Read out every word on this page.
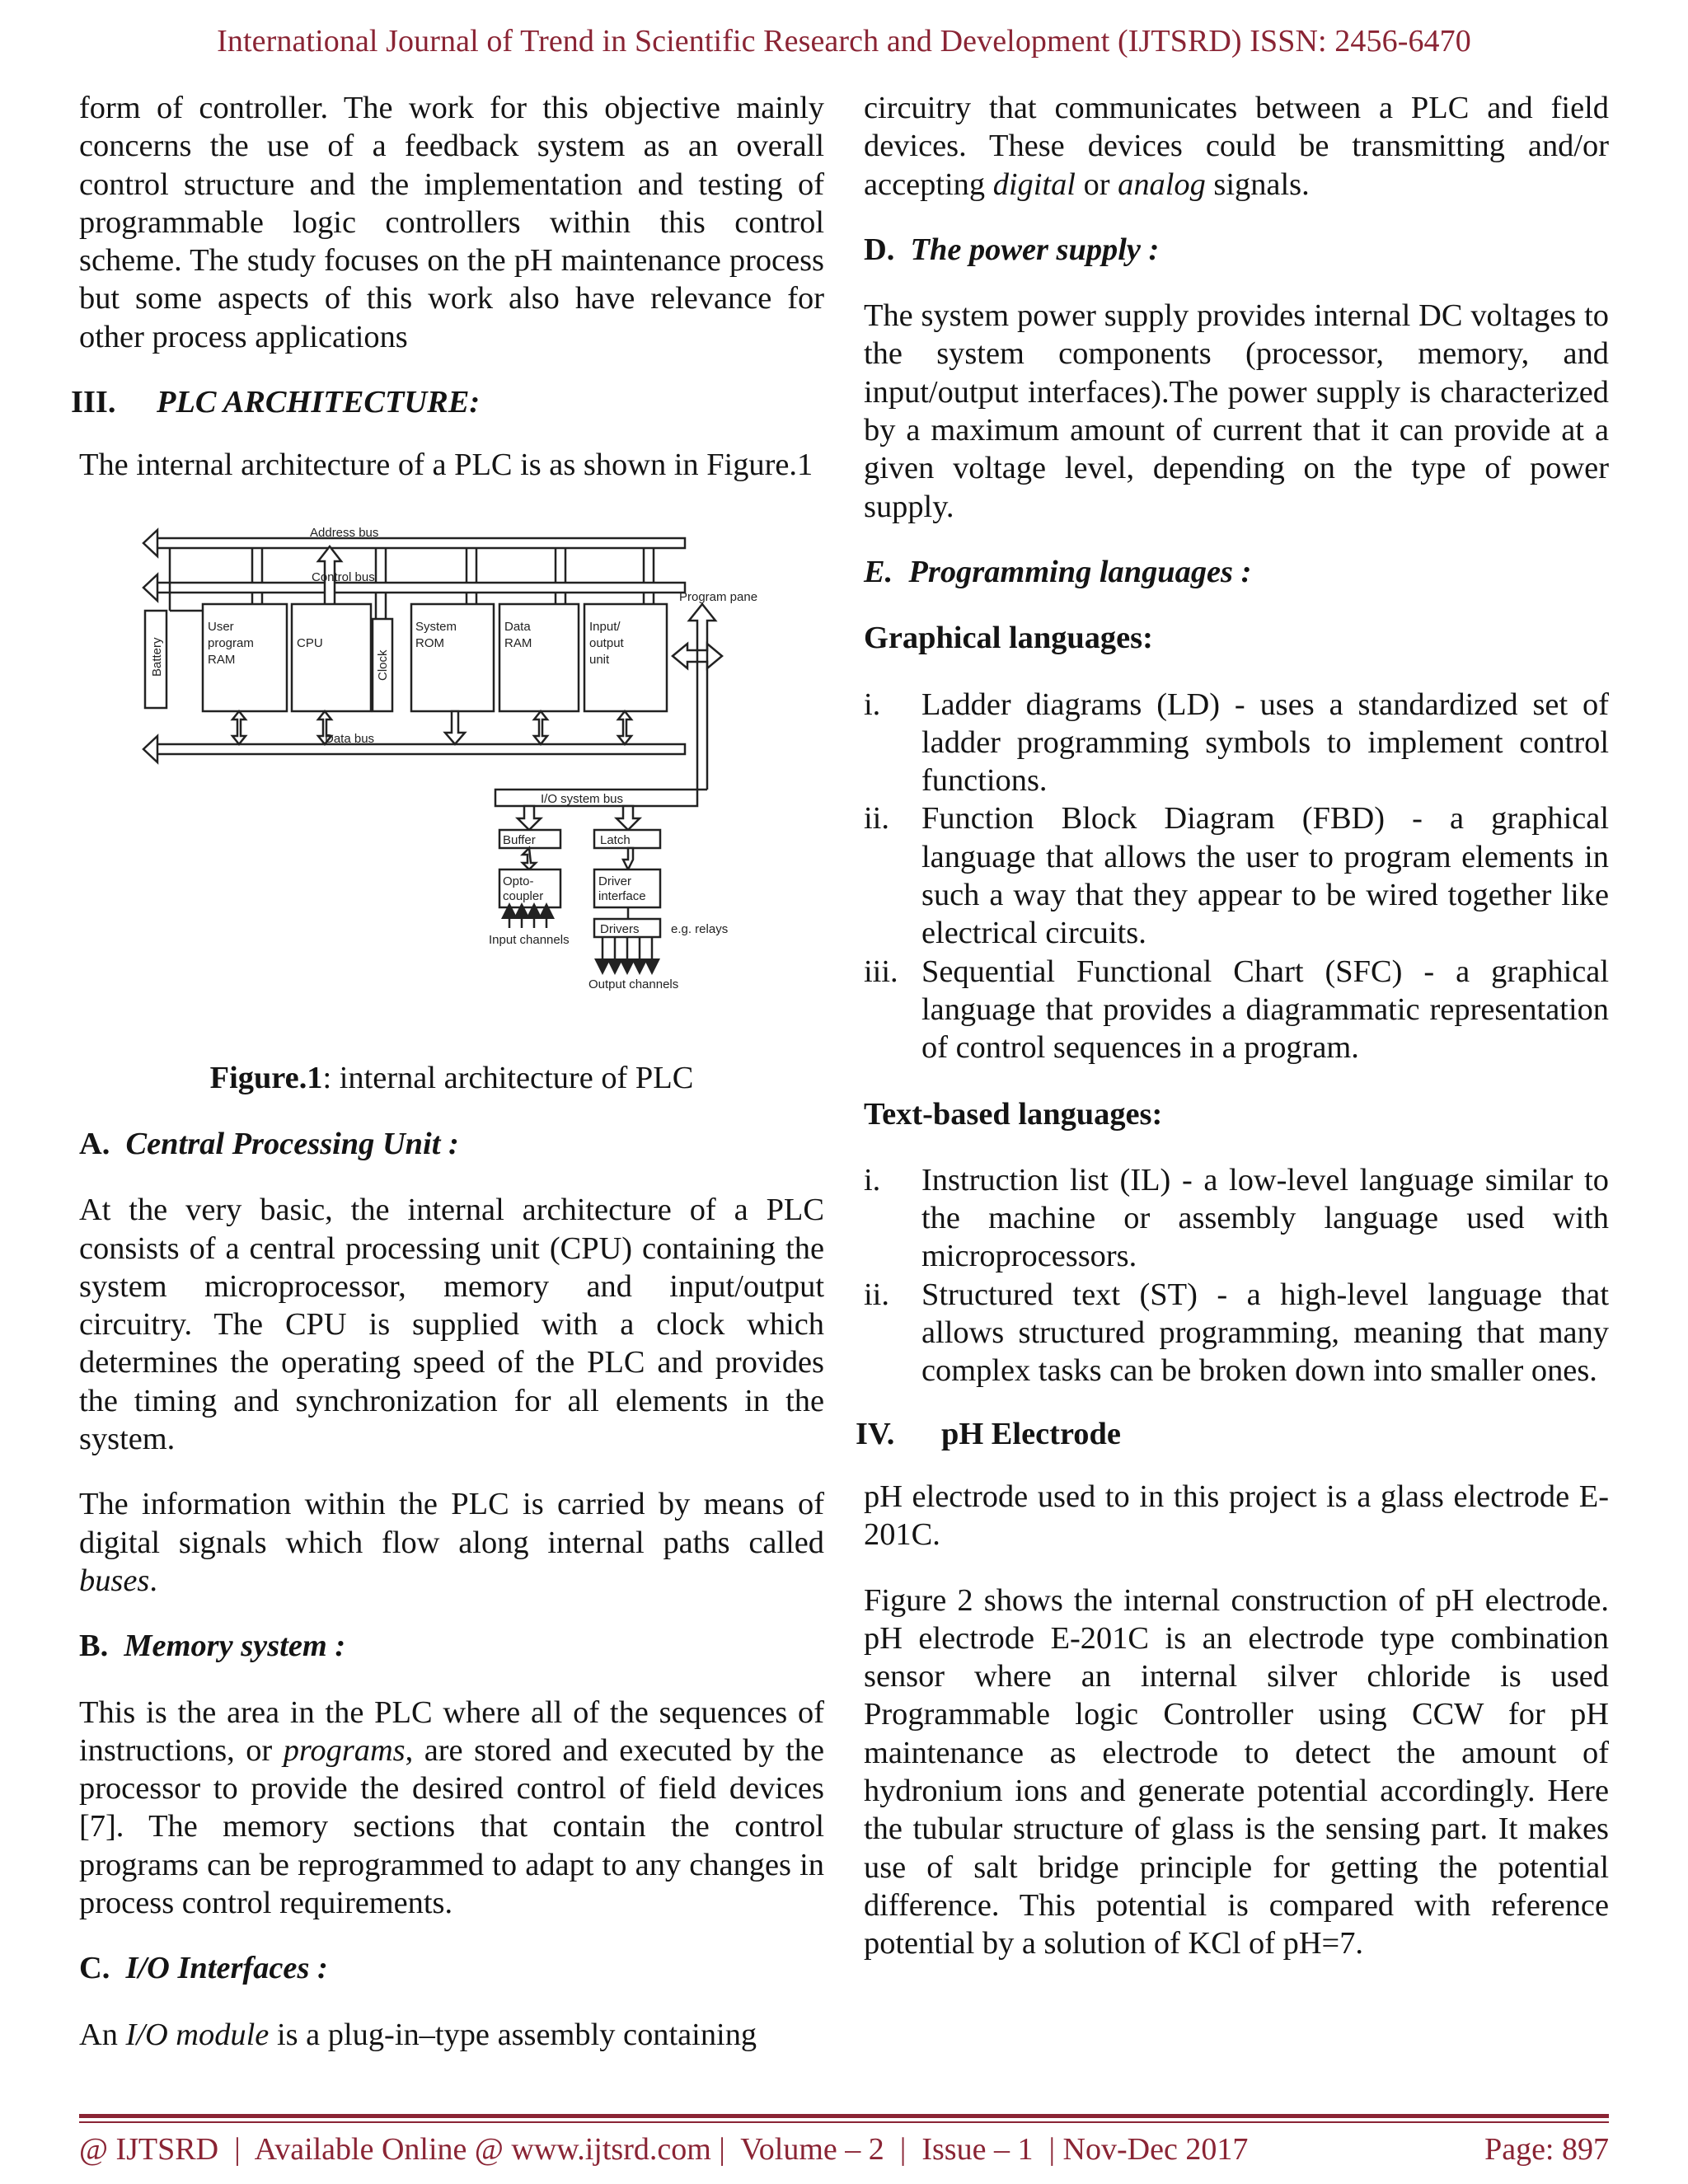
International Journal of Trend in Scientific Research and Development (IJTSRD) ISSN: 2456-6470

form of controller. The work for this objective mainly concerns the use of a feedback system as an overall control structure and the implementation and testing of programmable logic controllers within this control scheme. The study focuses on the pH maintenance process but some aspects of this work also have relevance for other process applications

III. PLC ARCHITECTURE:

The internal architecture of a PLC is as shown in Figure.1

Address bus
Control bus
Data bus
Program pane
Battery
User
program
RAM
CPU
Clock
System
ROM
Data
RAM
Input/
output
unit
I/O system bus
Buffer	Latch
Opto-
coupler
Driver
interface
Drivers	e.g. relays
Input channels
Output channels
Figure.1: internal architecture of PLC
A. Central Processing Unit :

At the very basic, the internal architecture of a PLC consists of a central processing unit (CPU) containing the system microprocessor, memory and input/output circuitry. The CPU is supplied with a clock which determines the operating speed of the PLC and provides the timing and synchronization for all elements in the system.

The information within the PLC is carried by means of digital signals which flow along internal paths called buses.

B. Memory system :

This is the area in the PLC where all of the sequences of instructions, or programs, are stored and executed by the processor to provide the desired control of field devices [7]. The memory sections that contain the control programs can be reprogrammed to adapt to any changes in process control requirements.

C. I/O Interfaces :

An I/O module is a plug-in–type assembly containing

circuitry that communicates between a PLC and field devices. These devices could be transmitting and/or accepting digital or analog signals.

D. The power supply :

The system power supply provides internal DC voltages to the system components (processor, memory, and input/output interfaces).The power supply is characterized by a maximum amount of current that it can provide at a given voltage level, depending on the type of power supply.

E. Programming languages :
Graphical languages:
i. Ladder diagrams (LD) - uses a standardized set of ladder programming symbols to implement control functions.
ii. Function Block Diagram (FBD) - a graphical language that allows the user to program elements in such a way that they appear to be wired together like electrical circuits.
iii. Sequential Functional Chart (SFC) - a graphical language that provides a diagrammatic representation of control sequences in a program.
Text-based languages:
i. Instruction list (IL) - a low-level language similar to the machine or assembly language used with microprocessors.
ii. Structured text (ST) - a high-level language that allows structured programming, meaning that many complex tasks can be broken down into smaller ones.
IV. pH Electrode

pH electrode used to in this project is a glass electrode E-201C.

Figure 2 shows the internal construction of pH electrode. pH electrode E-201C is an electrode type combination sensor where an internal silver chloride is used Programmable logic Controller using CCW for pH maintenance as electrode to detect the amount of hydronium ions and generate potential accordingly. Here the tubular structure of glass is the sensing part. It makes use of salt bridge principle for getting the potential difference. This potential is compared with reference potential by a solution of KCl of pH=7.

@ IJTSRD  |  Available Online @ www.ijtsrd.com |  Volume – 2  |  Issue – 1  | Nov-Dec 2017	Page: 897
